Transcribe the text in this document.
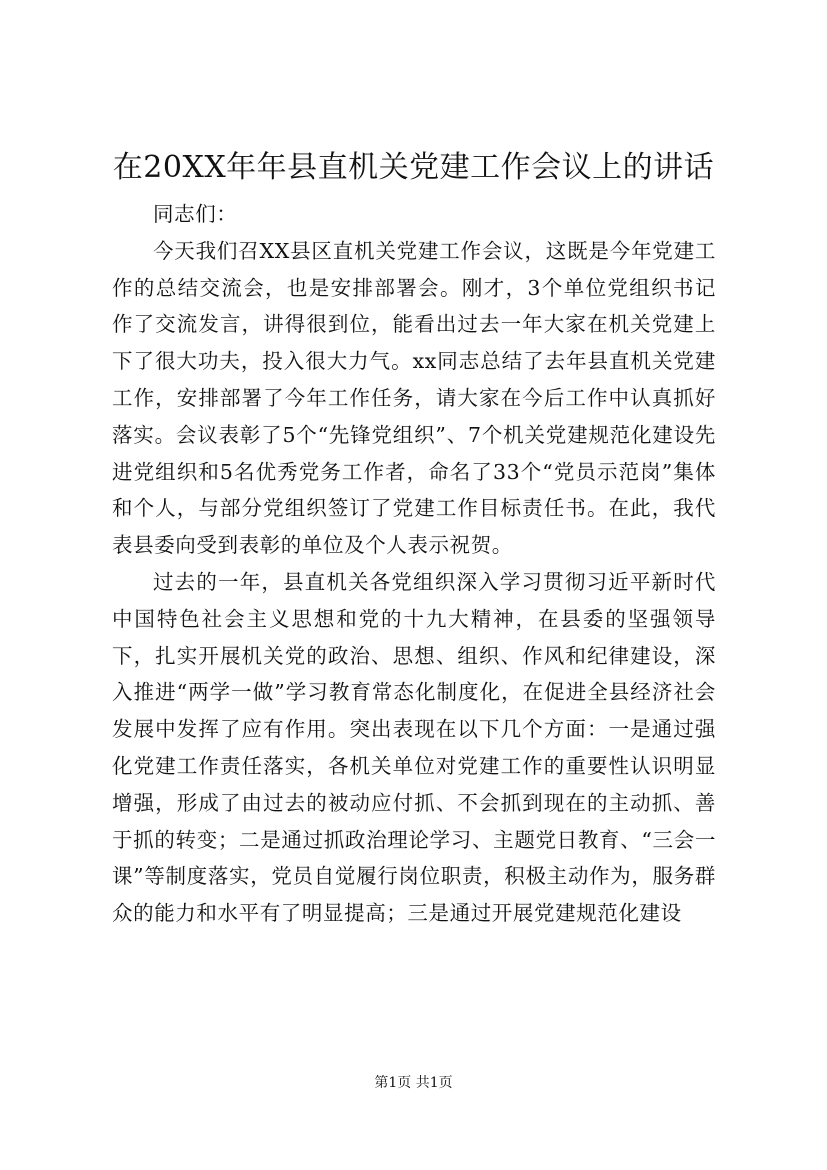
在20XX年年县直机关党建工作会议上的讲话

同志们：

今天我们召XX县区直机关党建工作会议，这既是今年党建工作的总结交流会，也是安排部署会。刚才，3个单位党组织书记作了交流发言，讲得很到位，能看出过去一年大家在机关党建上下了很大功夫，投入很大力气。xx同志总结了去年县直机关党建工作，安排部署了今年工作任务，请大家在今后工作中认真抓好落实。会议表彰了5个“先锋党组织”、7个机关党建规范化建设先进党组织和5名优秀党务工作者，命名了33个“党员示范岗”集体和个人，与部分党组织签订了党建工作目标责任书。在此，我代表县委向受到表彰的单位及个人表示祝贺。

过去的一年，县直机关各党组织深入学习贯彻习近平新时代中国特色社会主义思想和党的十九大精神，在县委的坚强领导下，扎实开展机关党的政治、思想、组织、作风和纪律建设，深入推进“两学一做”学习教育常态化制度化，在促进全县经济社会发展中发挥了应有作用。突出表现在以下几个方面：一是通过强化党建工作责任落实，各机关单位对党建工作的重要性认识明显增强，形成了由过去的被动应付抓、不会抓到现在的主动抓、善于抓的转变；二是通过抓政治理论学习、主题党日教育、“三会一课”等制度落实，党员自觉履行岗位职责，积极主动作为，服务群众的能力和水平有了明显提高；三是通过开展党建规范化建设

第1页 共1页
